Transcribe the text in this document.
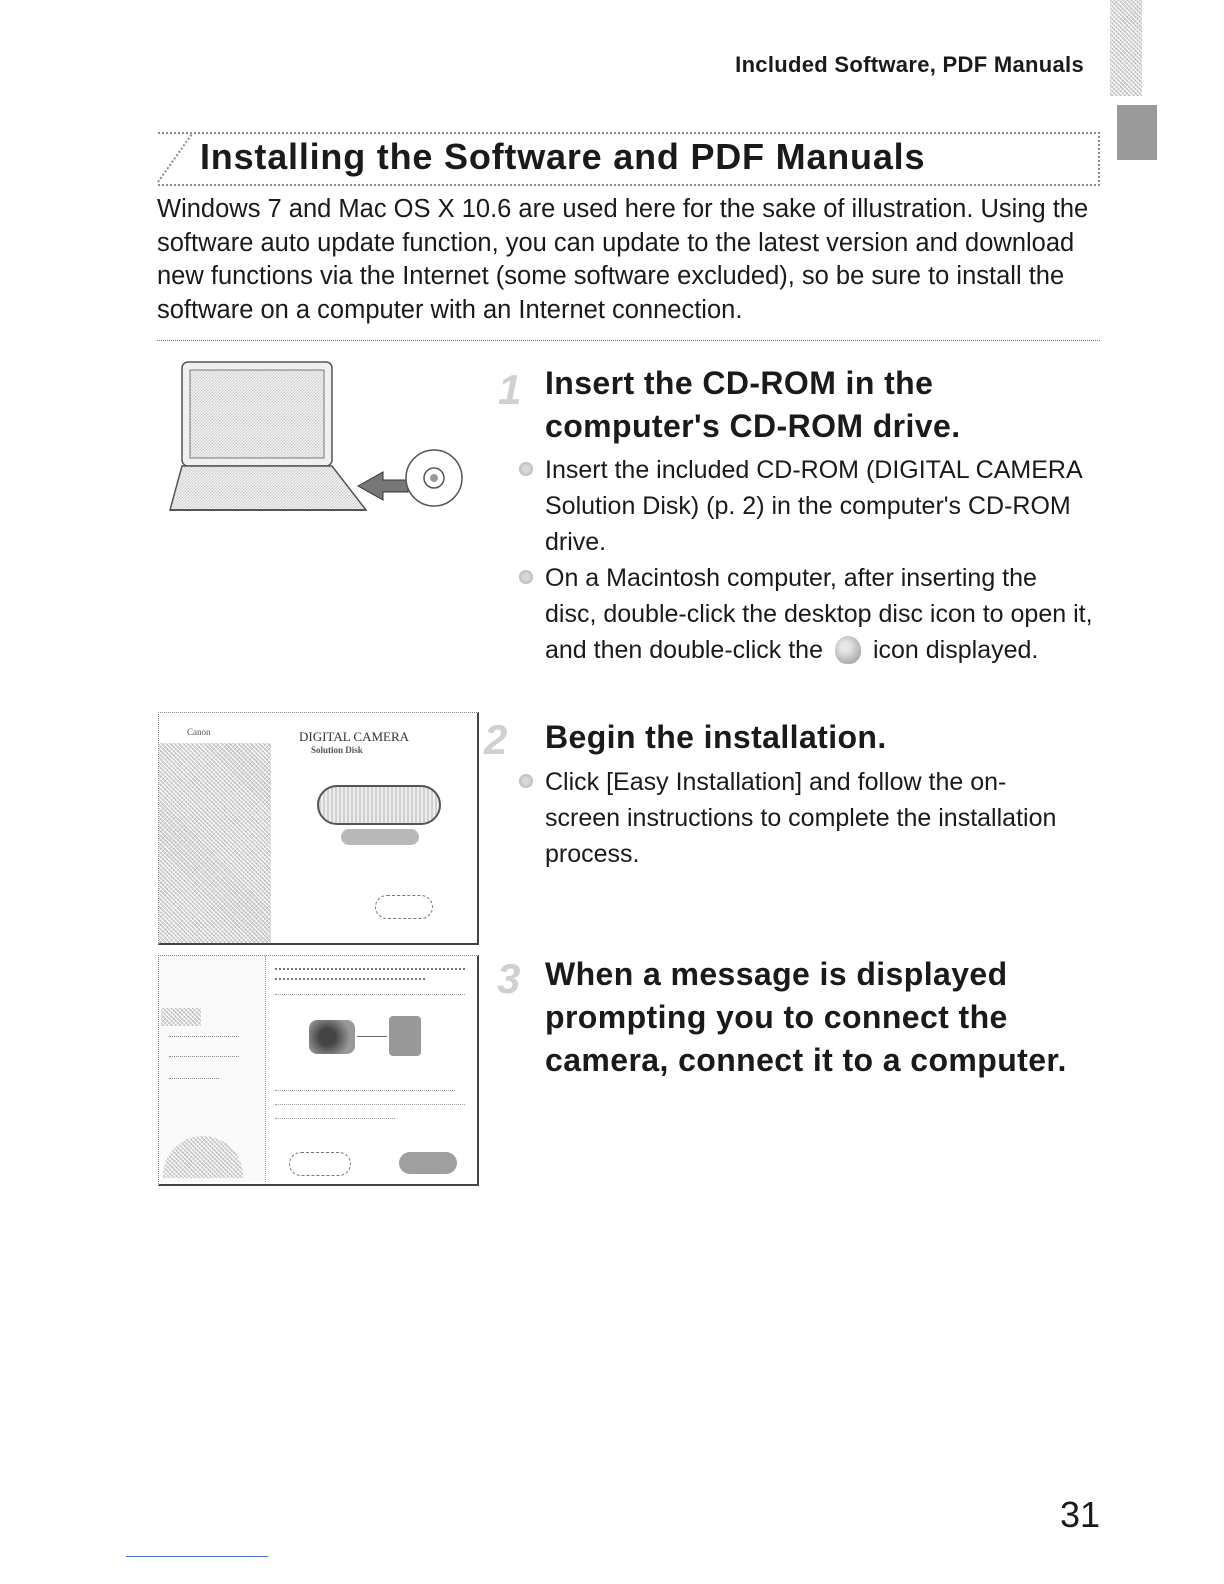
Included Software, PDF Manuals
Installing the Software and PDF Manuals

Windows 7 and Mac OS X 10.6 are used here for the sake of illustration. Using the software auto update function, you can update to the latest version and download new functions via the Internet (some software excluded), so be sure to install the software on a computer with an Internet connection.

1 Insert the CD-ROM in the computer's CD-ROM drive.
Insert the included CD-ROM (DIGITAL CAMERA Solution Disk) (p. 2) in the computer's CD-ROM drive.
On a Macintosh computer, after inserting the disc, double-click the desktop disc icon to open it, and then double-click the icon displayed.
Canon	DIGITAL CAMERA
Solution Disk	2 Begin the installation.
Click [Easy Installation] and follow the on-screen instructions to complete the installation process.
3 When a message is displayed prompting you to connect the camera, connect it to a computer.
31
